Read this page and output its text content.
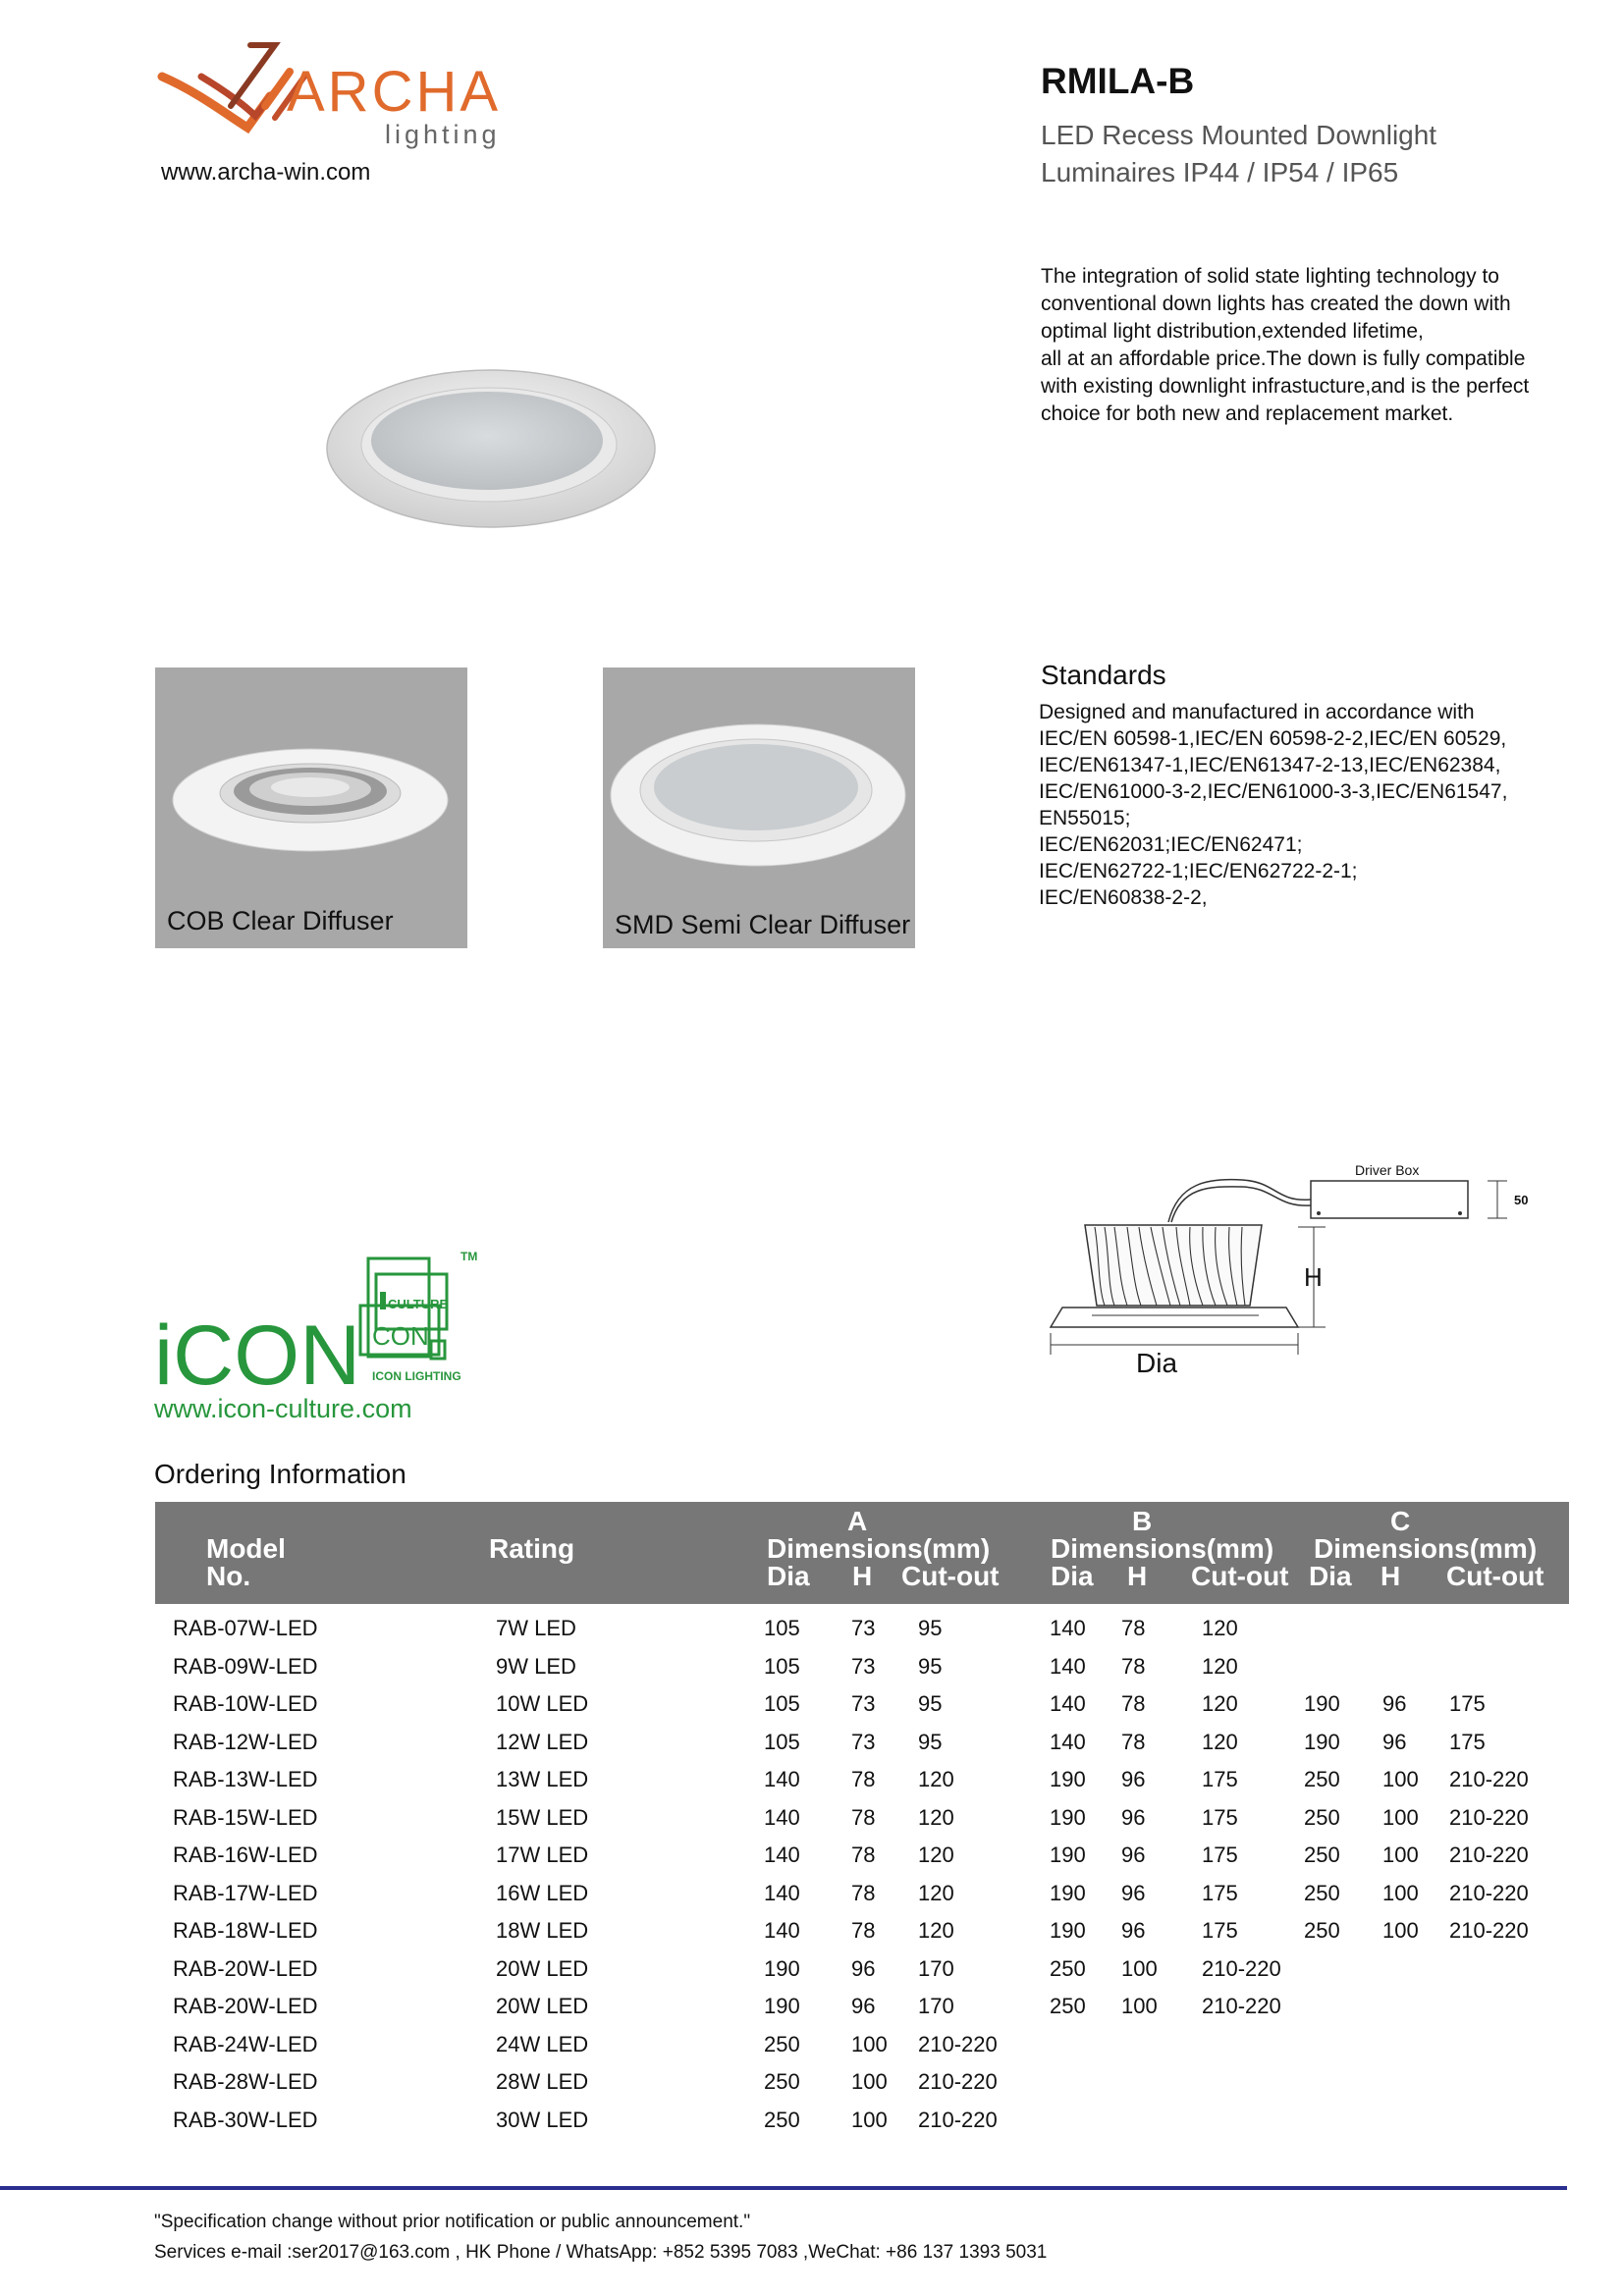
ARCHA
lighting
www.archa-win.com
RMILA-B
LED Recess Mounted Downlight
Luminaires IP44 / IP54 / IP65
The integration of solid state lighting technology to
conventional down lights has created the down with
optimal light distribution,extended lifetime,
all at an affordable price.The down is fully compatible
with existing downlight infrastucture,and is the perfect
choice for both new and replacement market.
COB Clear Diffuser	SMD Semi Clear Diffuser
Standards
Designed and manufactured in accordance with
IEC/EN 60598-1,IEC/EN 60598-2-2,IEC/EN 60529,
IEC/EN61347-1,IEC/EN61347-2-13,IEC/EN62384,
IEC/EN61000-3-2,IEC/EN61000-3-3,IEC/EN61547,
EN55015;
IEC/EN62031;IEC/EN62471;
IEC/EN62722-1;IEC/EN62722-2-1;
IEC/EN60838-2-2,
Driver Box
50
H
Dia
iCON
CULTURE
CON
ICON LIGHTING
TM
www.icon-culture.com
Ordering Information
Model
No.
Rating
A
Dimensions(mm)
Dia H Cut-out
B
Dimensions(mm)
Dia H Cut-out
C
Dimensions(mm)
Dia H Cut-out
RAB-07W-LED	7W LED	105 73 95	140 78	120
RAB-09W-LED	9W LED	105 73 95	140 78	120
RAB-10W-LED	10W LED	105 73 95	140 78	120	190 96 175
RAB-12W-LED	12W LED	105 73 95	140 78	120	190 96 175
RAB-13W-LED	13W LED	140 78 120	190 96	175	250 100 210-220
RAB-15W-LED	15W LED	140 78 120	190 96	175	250 100 210-220
RAB-16W-LED	17W LED	140 78 120	190 96	175	250 100 210-220
RAB-17W-LED	16W LED	140 78 120	190 96	175	250 100 210-220
RAB-18W-LED	18W LED	140 78 120	190 96	175	250 100 210-220
RAB-20W-LED	20W LED	190 96 170	250 100 210-220
RAB-20W-LED	20W LED	190 96 170	250 100 210-220
RAB-24W-LED	24W LED	250 100 210-220
RAB-28W-LED	28W LED	250 100 210-220
RAB-30W-LED	30W LED	250 100 210-220
"Specification change without prior notification or public announcement."
Services e-mail :ser2017@163.com , HK Phone / WhatsApp: +852 5395 7083 ,WeChat: +86 137 1393 5031
